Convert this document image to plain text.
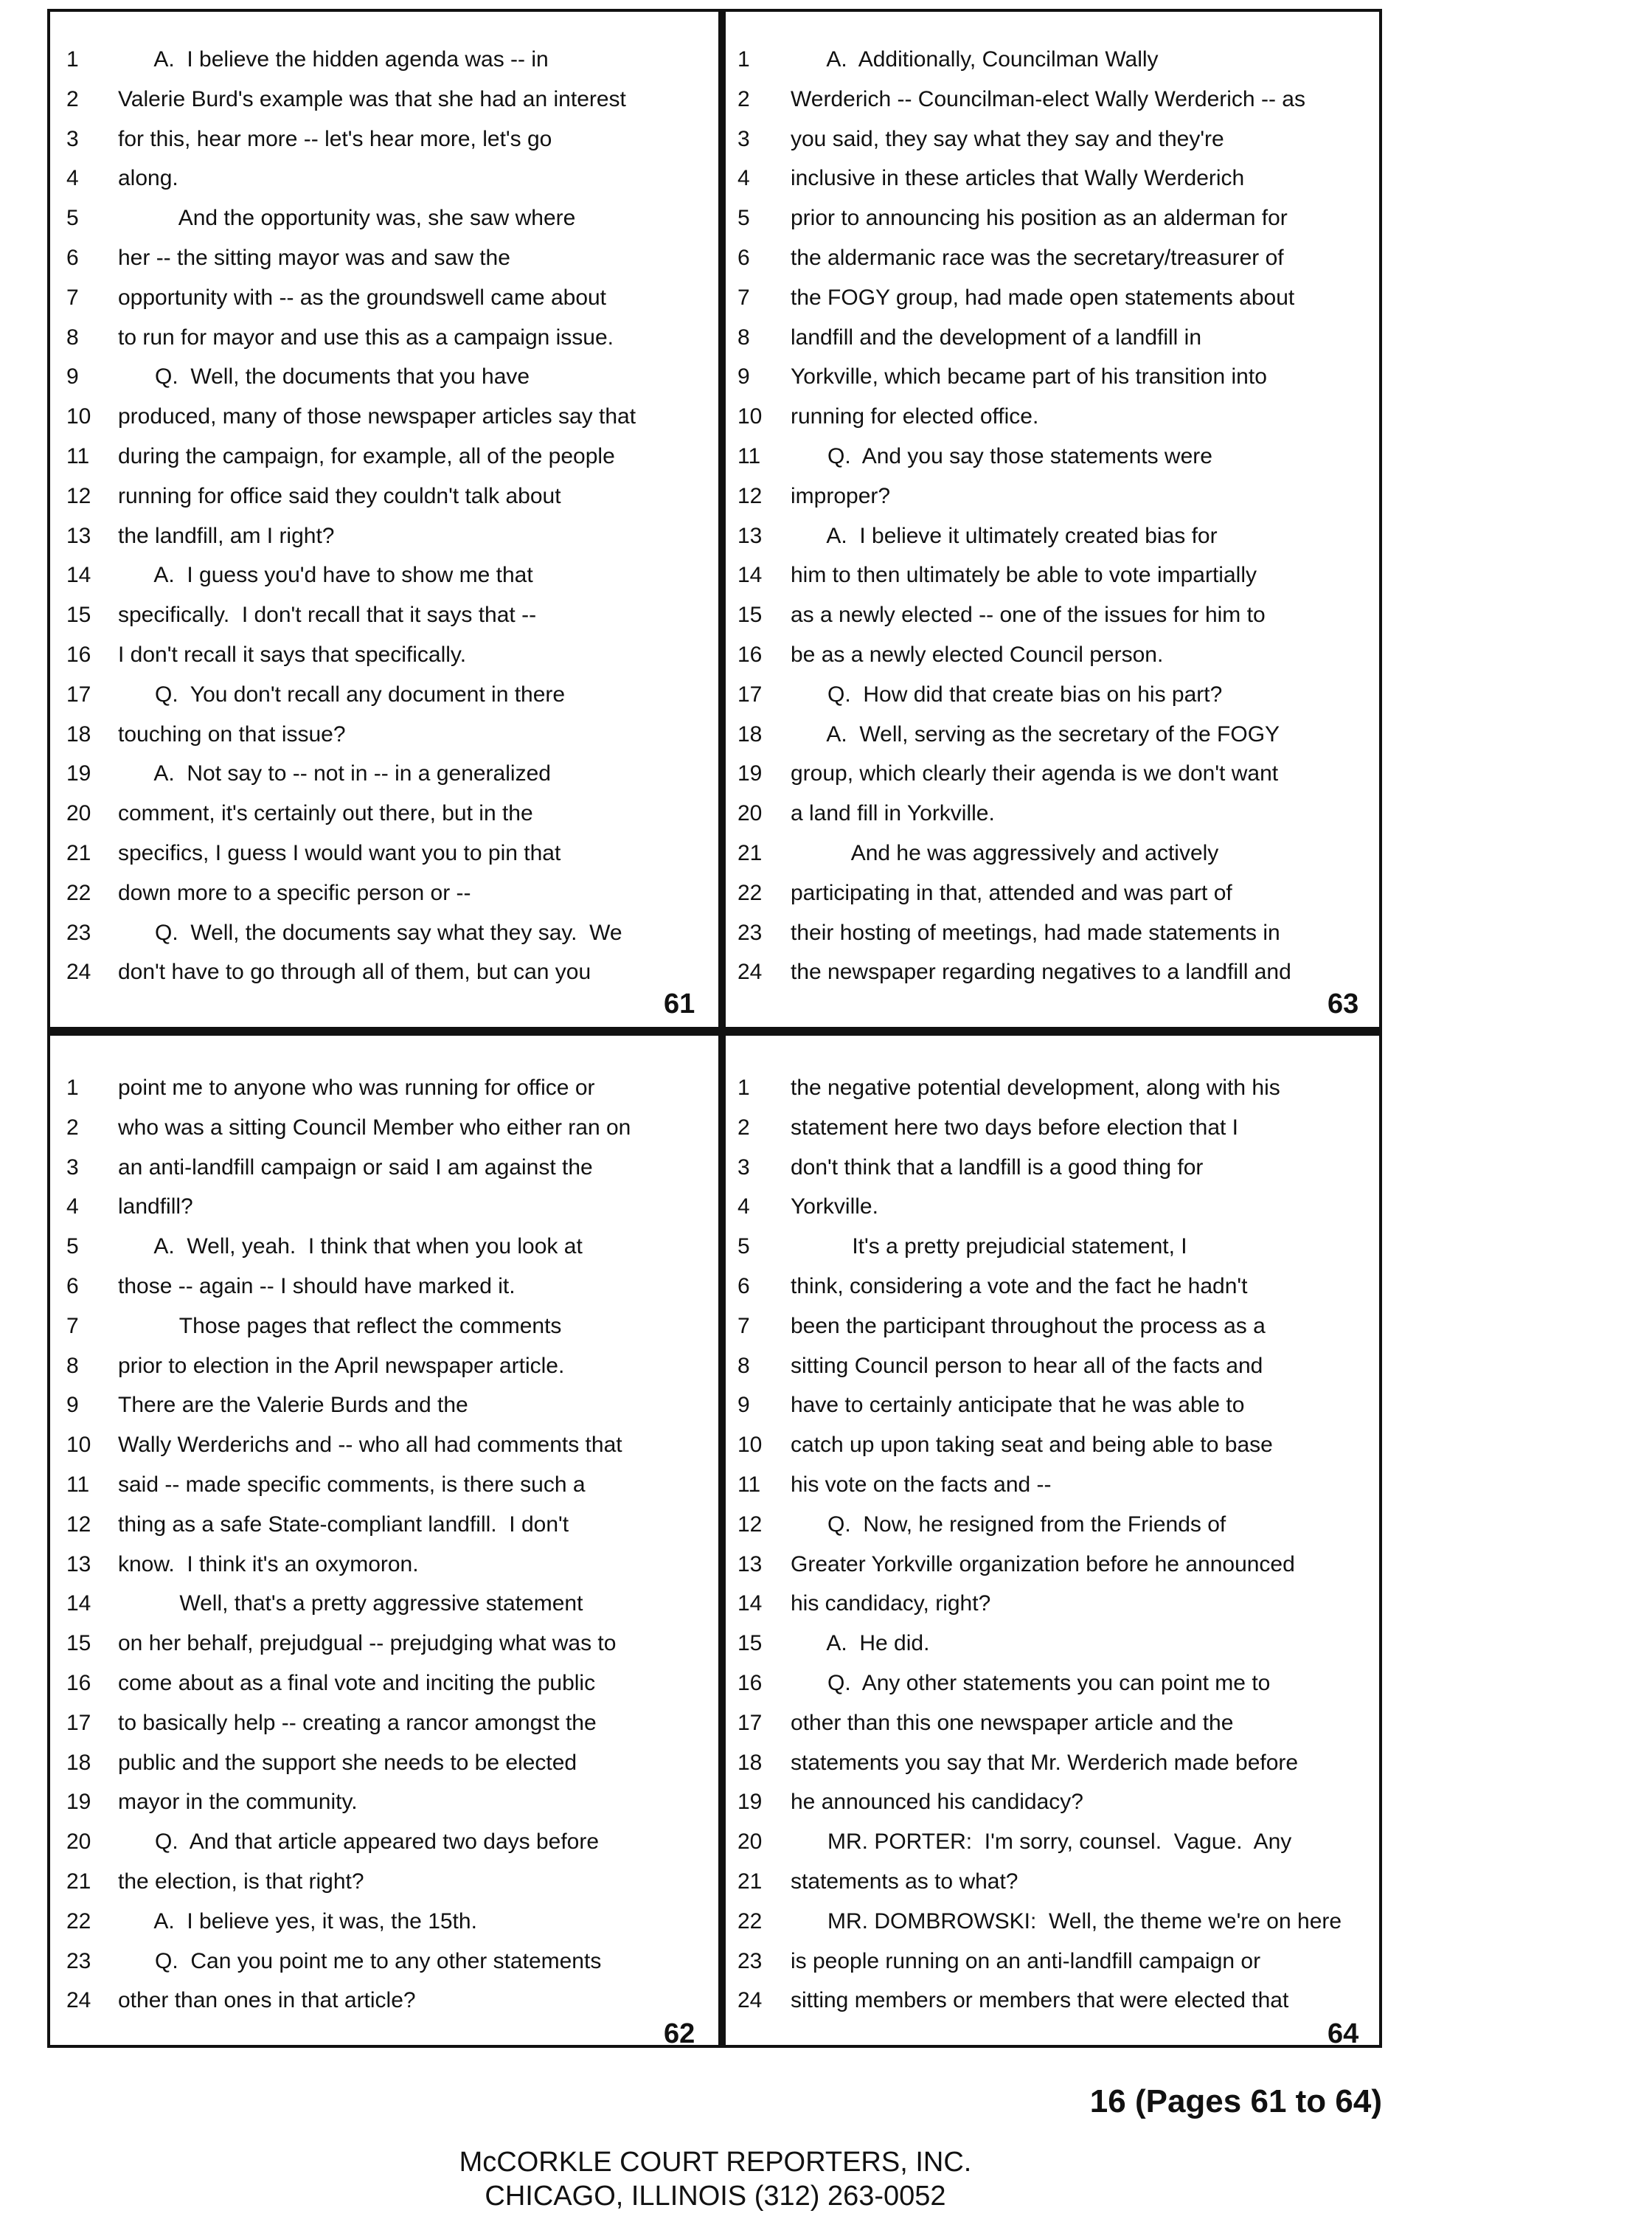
1	A.  I believe the hidden agenda was -- in
2	Valerie Burd's example was that she had an interest
3	for this, hear more -- let's hear more, let's go
4	along.
5	And the opportunity was, she saw where
6	her -- the sitting mayor was and saw the
7	opportunity with -- as the groundswell came about
8	to run for mayor and use this as a campaign issue.
9	Q.  Well, the documents that you have
10	produced, many of those newspaper articles say that
11	during the campaign, for example, all of the people
12	running for office said they couldn't talk about
13	the landfill, am I right?
14	A.  I guess you'd have to show me that
15	specifically.  I don't recall that it says that --
16	I don't recall it says that specifically.
17	Q.  You don't recall any document in there
18	touching on that issue?
19	A.  Not say to -- not in -- in a generalized
20	comment, it's certainly out there, but in the
21	specifics, I guess I would want you to pin that
22	down more to a specific person or --
23	Q.  Well, the documents say what they say.  We
24	don't have to go through all of them, but can you
1	A.  Additionally, Councilman Wally
2	Werderich -- Councilman-elect Wally Werderich -- as
3	you said, they say what they say and they're
4	inclusive in these articles that Wally Werderich
5	prior to announcing his position as an alderman for
6	the aldermanic race was the secretary/treasurer of
7	the FOGY group, had made open statements about
8	landfill and the development of a landfill in
9	Yorkville, which became part of his transition into
10	running for elected office.
11	Q.  And you say those statements were
12	improper?
13	A.  I believe it ultimately created bias for
14	him to then ultimately be able to vote impartially
15	as a newly elected -- one of the issues for him to
16	be as a newly elected Council person.
17	Q.  How did that create bias on his part?
18	A.  Well, serving as the secretary of the FOGY
19	group, which clearly their agenda is we don't want
20	a land fill in Yorkville.
21	And he was aggressively and actively
22	participating in that, attended and was part of
23	their hosting of meetings, had made statements in
24	the newspaper regarding negatives to a landfill and
1	point me to anyone who was running for office or
2	who was a sitting Council Member who either ran on
3	an anti-landfill campaign or said I am against the
4	landfill?
5	A.  Well, yeah.  I think that when you look at
6	those -- again -- I should have marked it.
7	Those pages that reflect the comments
8	prior to election in the April newspaper article.
9	There are the Valerie Burds and the
10	Wally Werderichs and -- who all had comments that
11	said -- made specific comments, is there such a
12	thing as a safe State-compliant landfill.  I don't
13	know.  I think it's an oxymoron.
14	Well, that's a pretty aggressive statement
15	on her behalf, prejudgual -- prejudging what was to
16	come about as a final vote and inciting the public
17	to basically help -- creating a rancor amongst the
18	public and the support she needs to be elected
19	mayor in the community.
20	Q.  And that article appeared two days before
21	the election, is that right?
22	A.  I believe yes, it was, the 15th.
23	Q.  Can you point me to any other statements
24	other than ones in that article?
1	the negative potential development, along with his
2	statement here two days before election that I
3	don't think that a landfill is a good thing for
4	Yorkville.
5	It's a pretty prejudicial statement, I
6	think, considering a vote and the fact he hadn't
7	been the participant throughout the process as a
8	sitting Council person to hear all of the facts and
9	have to certainly anticipate that he was able to
10	catch up upon taking seat and being able to base
11	his vote on the facts and --
12	Q.  Now, he resigned from the Friends of
13	Greater Yorkville organization before he announced
14	his candidacy, right?
15	A.  He did.
16	Q.  Any other statements you can point me to
17	other than this one newspaper article and the
18	statements you say that Mr. Werderich made before
19	he announced his candidacy?
20	MR. PORTER:  I'm sorry, counsel.  Vague.  Any
21	statements as to what?
22	MR. DOMBROWSKI:  Well, the theme we're on here
23	is people running on an anti-landfill campaign or
24	sitting members or members that were elected that
61	63
62	64
16 (Pages 61 to 64)
McCORKLE COURT REPORTERS, INC.
CHICAGO, ILLINOIS (312) 263-0052
